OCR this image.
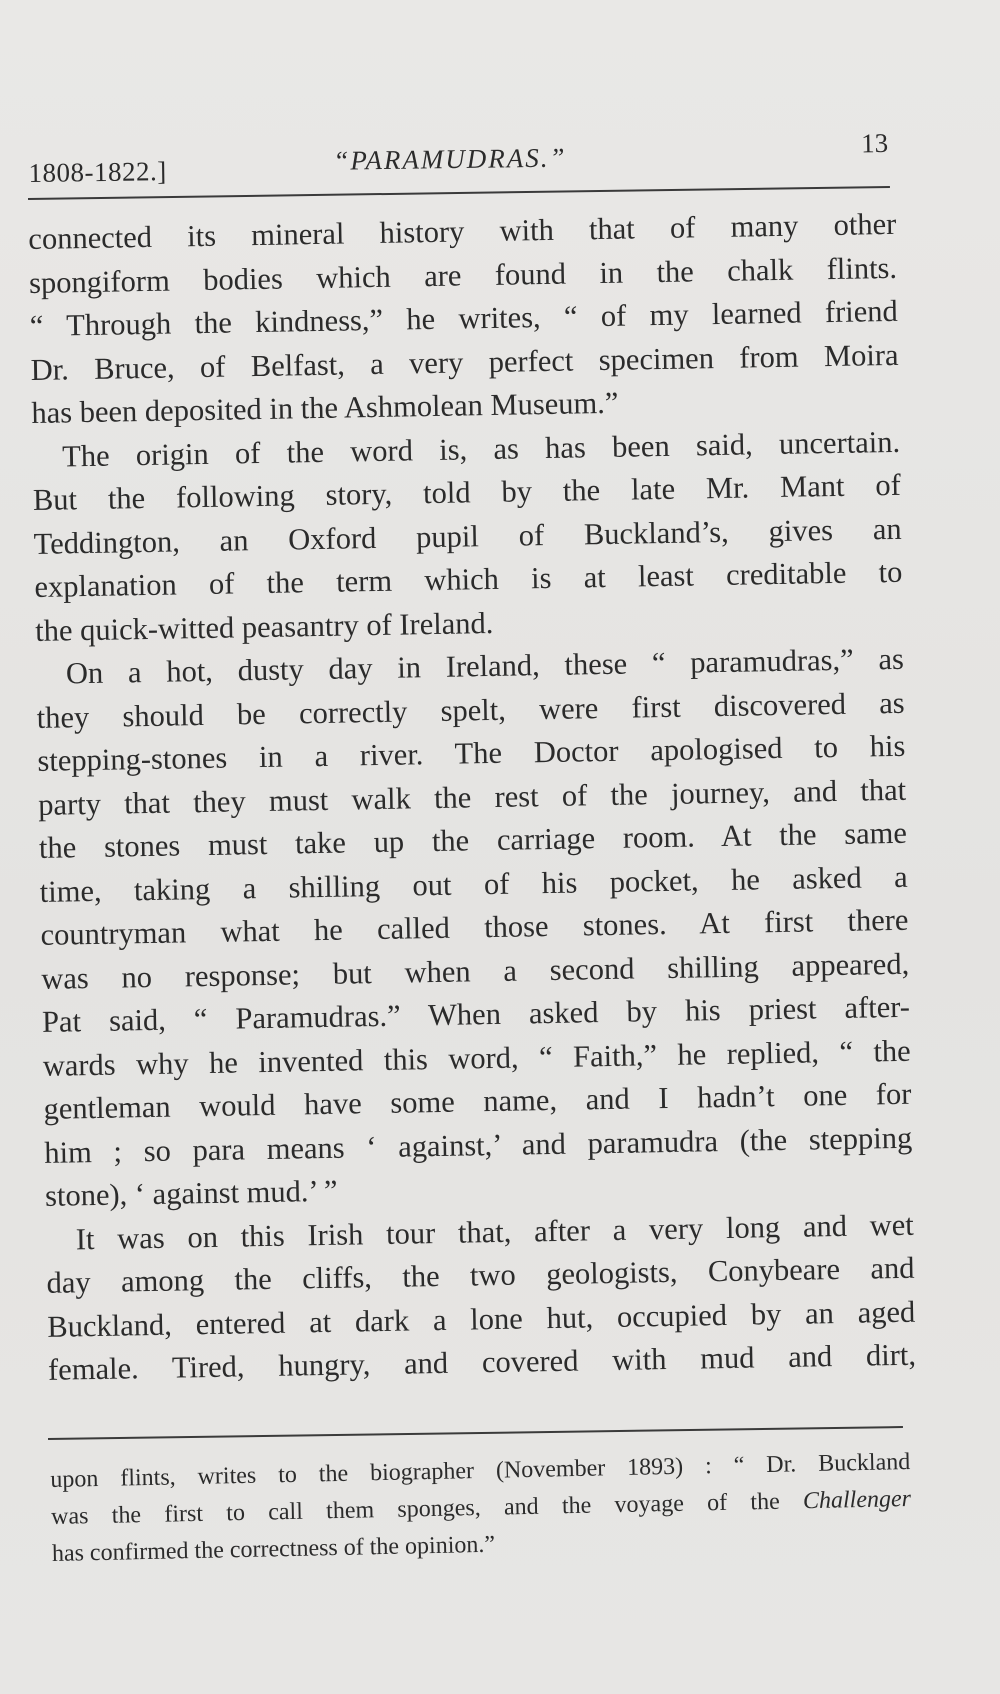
1808-1822.]	“PARAMUDRAS.”	13
connected its mineral history with that of many other
spongiform bodies which are found in the chalk flints.
“ Through the kindness,” he writes, “ of my learned friend
Dr. Bruce, of Belfast, a very perfect specimen from Moira
has been deposited in the Ashmolean Museum.”
The origin of the word is, as has been said, uncertain.
But the following story, told by the late Mr. Mant of
Teddington, an Oxford pupil of Buckland’s, gives an
explanation of the term which is at least creditable to
the quick-witted peasantry of Ireland.
On a hot, dusty day in Ireland, these “ paramudras,” as
they should be correctly spelt, were first discovered as
stepping-stones in a river. The Doctor apologised to his
party that they must walk the rest of the journey, and that
the stones must take up the carriage room. At the same
time, taking a shilling out of his pocket, he asked a
countryman what he called those stones. At first there
was no response; but when a second shilling appeared,
Pat said, “ Paramudras.” When asked by his priest after-
wards why he invented this word, “ Faith,” he replied, “ the
gentleman would have some name, and I hadn’t one for
him ; so para means ‘ against,’ and paramudra (the stepping
stone), ‘ against mud.’ ”
It was on this Irish tour that, after a very long and wet
day among the cliffs, the two geologists, Conybeare and
Buckland, entered at dark a lone hut, occupied by an aged
female. Tired, hungry, and covered with mud and dirt,
upon flints, writes to the biographer (November 1893) : “ Dr. Buckland
was the first to call them sponges, and the voyage of the Challenger
has confirmed the correctness of the opinion.”
